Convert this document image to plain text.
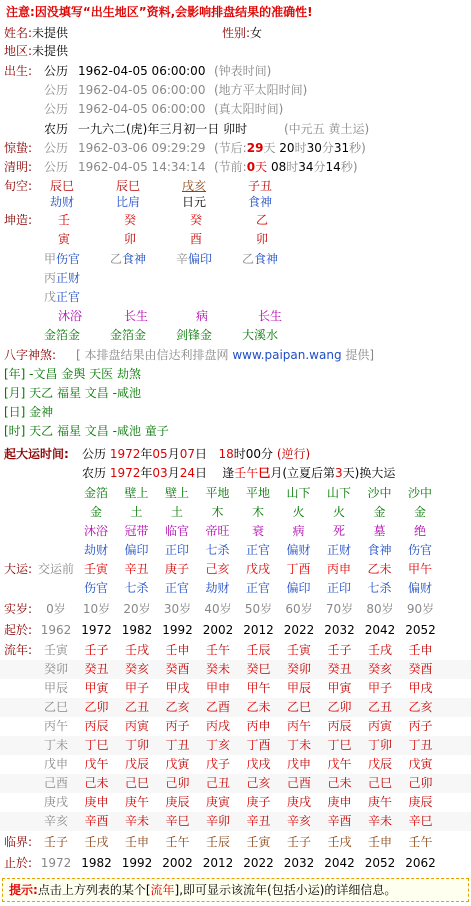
注意:因没填写“出生地区”资料,会影响排盘结果的准确性!
姓名:未提供	性别:女
地区:未提供
出生: 公历 1962-04-05 06:00:00 (钟表时间)
公历 1962-04-05 06:00:00 (地方平太阳时间)
公历 1962-04-05 06:00:00 (真太阳时间)
农历 一九六二(虎)年三月初一日 卯时	(中元五 黄土运)
惊蛰: 公历 1962-03-06 09:29:29 (节后:29天 20时30分31秒)
清明: 公历 1962-04-05 14:34:14 (节前:0天 08时34分14秒)
旬空: 辰巳	辰巳	戌亥	子丑
劫财	比肩	日元	食神
坤造: 壬	癸	癸	乙
寅	卯	酉	卯
甲伤官 乙食神 辛偏印 乙食神
丙正财
戊正官
沐浴	长生	病	长生
金箔金 金箔金 剑锋金 大溪水
八字神煞: [ 本排盘结果由信达利排盘网 www.paipan.wang 提供]
[年] -文昌 金舆 天医 劫煞
[月] 天乙 福星 文昌 -咸池
[日] 金神
[时] 天乙 福星 文昌 -咸池 童子
起大运时间: 公历 1972年05月07日 18时00分 (逆行)
农历 1972年03月24日 逢壬午巳月(立夏后第3天)换大运
金箔	壁上	壁上	平地	平地	山下	山下	沙中	沙中
金	土	土	木	木	火	火	金	金
沐浴	冠带	临官	帝旺	衰	病	死	墓	绝
劫财	偏印	正印	七杀	正官	偏财	正财	食神	伤官
大运: 交运前 壬寅	辛丑	庚子	己亥	戊戌	丁酉	丙申	乙未	甲午
伤官	七杀	正官	劫财	正官	偏印	正印	七杀	偏财
实岁:	0岁	10岁	20岁	30岁	40岁	50岁	60岁	70岁	80岁	90岁
起於: 1962 1972 1982 1992 2002 2012 2022 2032 2042 2052
流年: 壬寅	壬子	壬戌	壬申	壬午	壬辰	壬寅	壬子	壬戌	壬申
癸卯	癸丑	癸亥	癸酉	癸未	癸巳	癸卯	癸丑	癸亥	癸酉
甲辰	甲寅	甲子	甲戌	甲申	甲午	甲辰	甲寅	甲子	甲戌
乙巳	乙卯	乙丑	乙亥	乙酉	乙未	乙巳	乙卯	乙丑	乙亥
丙午	丙辰	丙寅	丙子	丙戌	丙申	丙午	丙辰	丙寅	丙子
丁未	丁巳	丁卯	丁丑	丁亥	丁酉	丁未	丁巳	丁卯	丁丑
戊申	戊午	戊辰	戊寅	戊子	戊戌	戊申	戊午	戊辰	戊寅
己酉	己未	己巳	己卯	己丑	己亥	己酉	己未	己巳	己卯
庚戌	庚申	庚午	庚辰	庚寅	庚子	庚戌	庚申	庚午	庚辰
辛亥	辛酉	辛未	辛巳	辛卯	辛丑	辛亥	辛酉	辛未	辛巳
临界: 壬子	壬戌	壬申	壬午	壬辰	壬寅	壬子	壬戌	壬申	壬午
止於: 1972 1982 1992 2002 2012 2022 2032 2042 2052 2062
提示:点击上方列表的某个[流年],即可显示该流年(包括小运)的详细信息。
